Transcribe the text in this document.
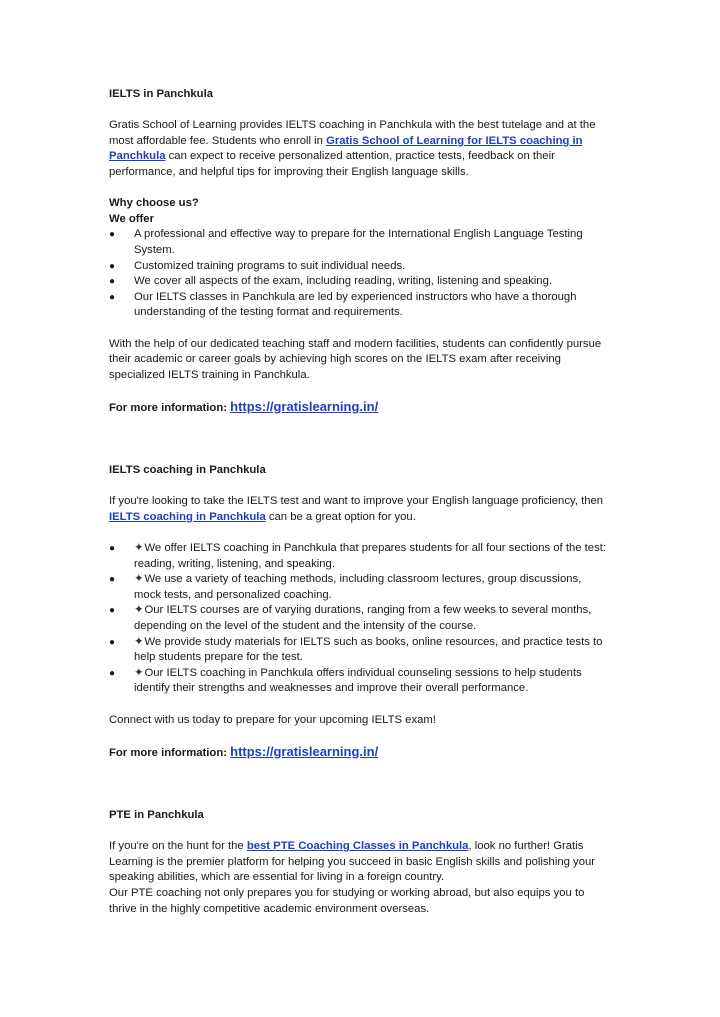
IELTS in Panchkula

Gratis School of Learning provides IELTS coaching in Panchkula with the best tutelage and at the most affordable fee. Students who enroll in Gratis School of Learning for IELTS coaching in Panchkula can expect to receive personalized attention, practice tests, feedback on their performance, and helpful tips for improving their English language skills.

Why choose us?

We offer

● A professional and effective way to prepare for the International English Language Testing System.
● Customized training programs to suit individual needs.
● We cover all aspects of the exam, including reading, writing, listening and speaking.
● Our IELTS classes in Panchkula are led by experienced instructors who have a thorough understanding of the testing format and requirements.

With the help of our dedicated teaching staff and modern facilities, students can confidently pursue their academic or career goals by achieving high scores on the IELTS exam after receiving specialized IELTS training in Panchkula.

For more information: https://gratislearning.in/

IELTS coaching in Panchkula

If you're looking to take the IELTS test and want to improve your English language proficiency, then IELTS coaching in Panchkula can be a great option for you.

● ✦We offer IELTS coaching in Panchkula that prepares students for all four sections of the test: reading, writing, listening, and speaking.
● ✦We use a variety of teaching methods, including classroom lectures, group discussions, mock tests, and personalized coaching.
● ✦Our IELTS courses are of varying durations, ranging from a few weeks to several months, depending on the level of the student and the intensity of the course.
● ✦We provide study materials for IELTS such as books, online resources, and practice tests to help students prepare for the test.
● ✦Our IELTS coaching in Panchkula offers individual counseling sessions to help students identify their strengths and weaknesses and improve their overall performance.

Connect with us today to prepare for your upcoming IELTS exam!

For more information: https://gratislearning.in/

PTE in Panchkula

If you're on the hunt for the best PTE Coaching Classes in Panchkula, look no further! Gratis Learning is the premier platform for helping you succeed in basic English skills and polishing your speaking abilities, which are essential for living in a foreign country.

Our PTE coaching not only prepares you for studying or working abroad, but also equips you to thrive in the highly competitive academic environment overseas.
